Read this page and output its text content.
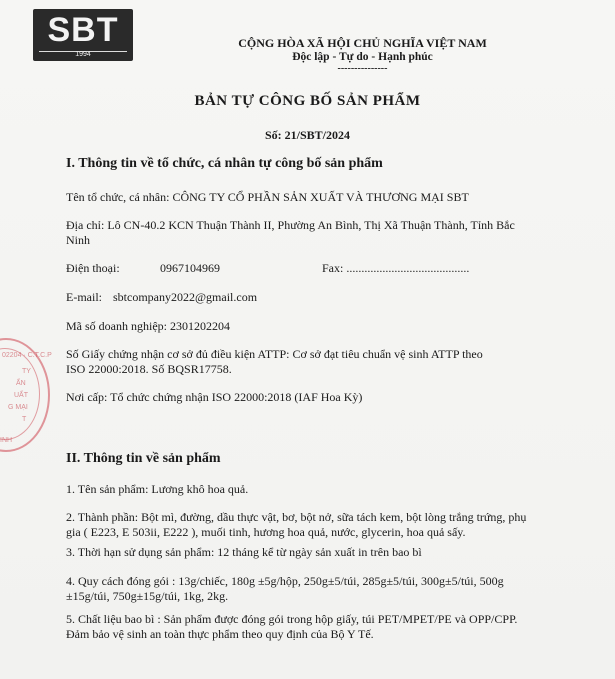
SBT
1994
CỘNG HÒA XÃ HỘI CHỦ NGHĨA VIỆT NAM
Độc lập - Tự do - Hạnh phúc
---------------
BẢN TỰ CÔNG BỐ SẢN PHẨM
Số: 21/SBT/2024
I. Thông tin về tổ chức, cá nhân tự công bố sản phẩm
Tên tổ chức, cá nhân: CÔNG TY CỔ PHẦN SẢN XUẤT VÀ THƯƠNG MẠI SBT
Địa chỉ: Lô CN-40.2 KCN Thuận Thành II, Phường An Bình, Thị Xã Thuận Thành, Tỉnh Bắc
Ninh
Điện thoại:	0967104969	Fax: .........................................
E-mail: sbtcompany2022@gmail.com
Mã số doanh nghiệp: 2301202204
Số Giấy chứng nhận cơ sở đủ điều kiện ATTP: Cơ sở đạt tiêu chuẩn vệ sinh ATTP theo
ISO 22000:2018. Số BQSR17758.
Nơi cấp: Tổ chức chứng nhận ISO 22000:2018 (IAF Hoa Kỳ)
II. Thông tin về sản phẩm
1. Tên sản phẩm: Lương khô hoa quả.
2. Thành phần: Bột mì, đường, dầu thực vật, bơ, bột nở, sữa tách kem, bột lòng trắng trứng, phụ
gia ( E223, E 503ii, E222 ), muối tinh, hương hoa quả, nước, glycerin, hoa quả sấy.
3. Thời hạn sử dụng sản phẩm: 12 tháng kể từ ngày sản xuất in trên bao bì
4. Quy cách đóng gói : 13g/chiếc, 180g ±5g/hộp, 250g±5/túi, 285g±5/túi, 300g±5/túi, 500g
±15g/túi, 750g±15g/túi, 1kg, 2kg.
5. Chất liệu bao bì : Sản phẩm được đóng gói trong hộp giấy, túi PET/MPET/PE và OPP/CPP.
Đảm bảo vệ sinh an toàn thực phẩm theo quy định của Bộ Y Tế.
02204 · C.T.C.P
TY
ẤN
UẤT
G MẠI
T
INH
